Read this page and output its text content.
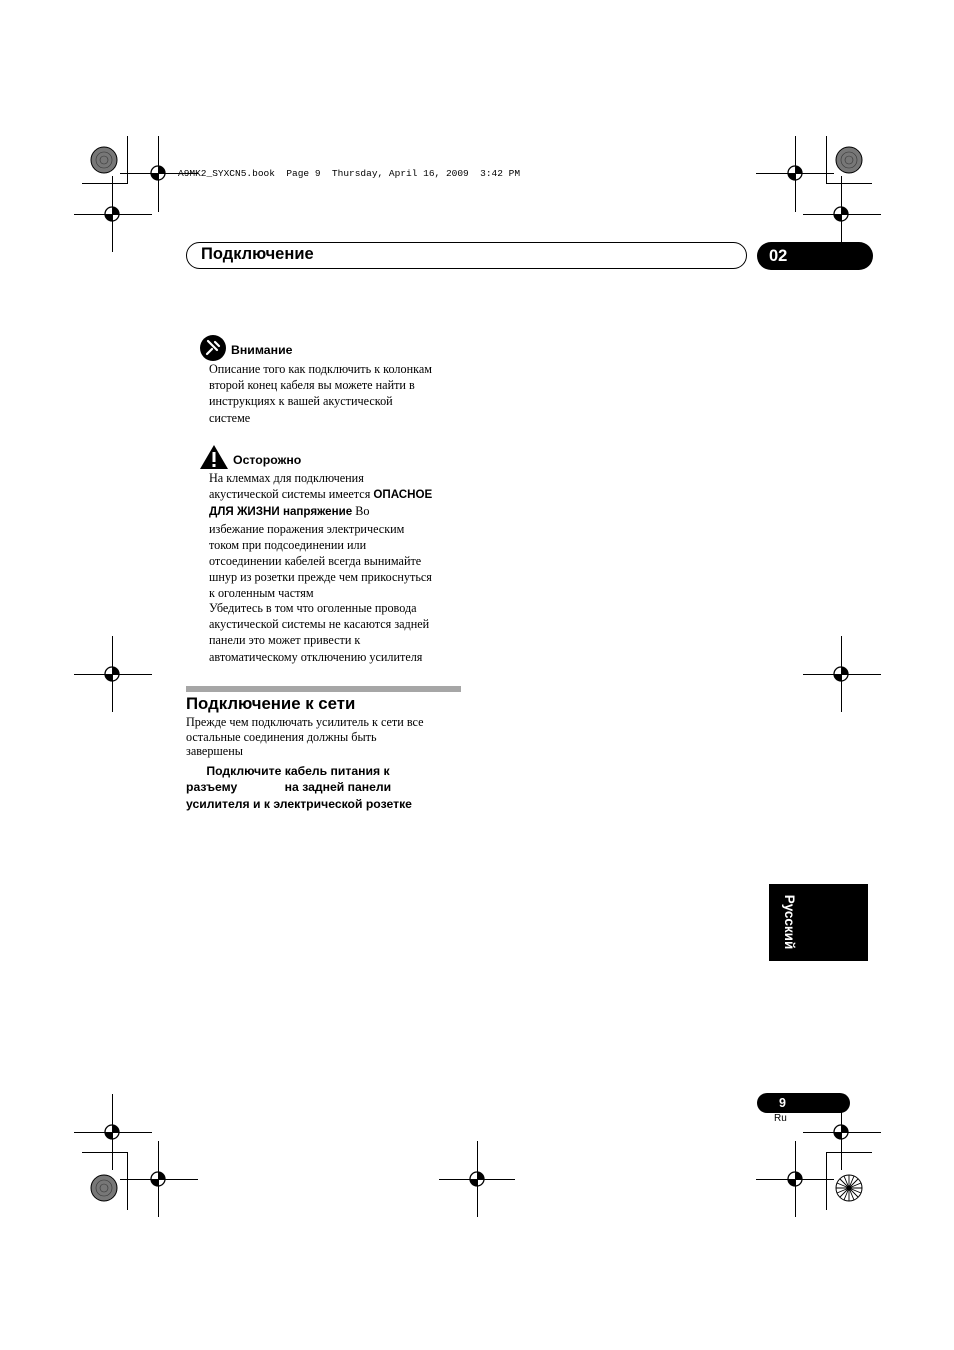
A9MK2_SYXCN5.book  Page 9  Thursday, April 16, 2009  3:42 PM
Подключение	02
Внимание
Описание того как подключить к колонкам
второй конец кабеля вы можете найти в
инструкциях к вашей акустической
системе
Осторожно
На клеммах для подключения
акустической системы имеется ОПАСНОЕ
ДЛЯ ЖИЗНИ напряжение Во
избежание поражения электрическим
током при подсоединении или
отсоединении кабелей всегда вынимайте
шнур из розетки прежде чем прикоснуться
к оголенным частям
Убедитесь в том что оголенные провода
акустической системы не касаются задней
панели это может привести к
автоматическому отключению усилителя
Подключение к сети
Прежде чем подключать усилитель к сети все
остальные соединения должны быть
завершены
Подключите кабель питания к
разъему              на задней панели
усилителя и к электрической розетке
Русский
9
Ru
